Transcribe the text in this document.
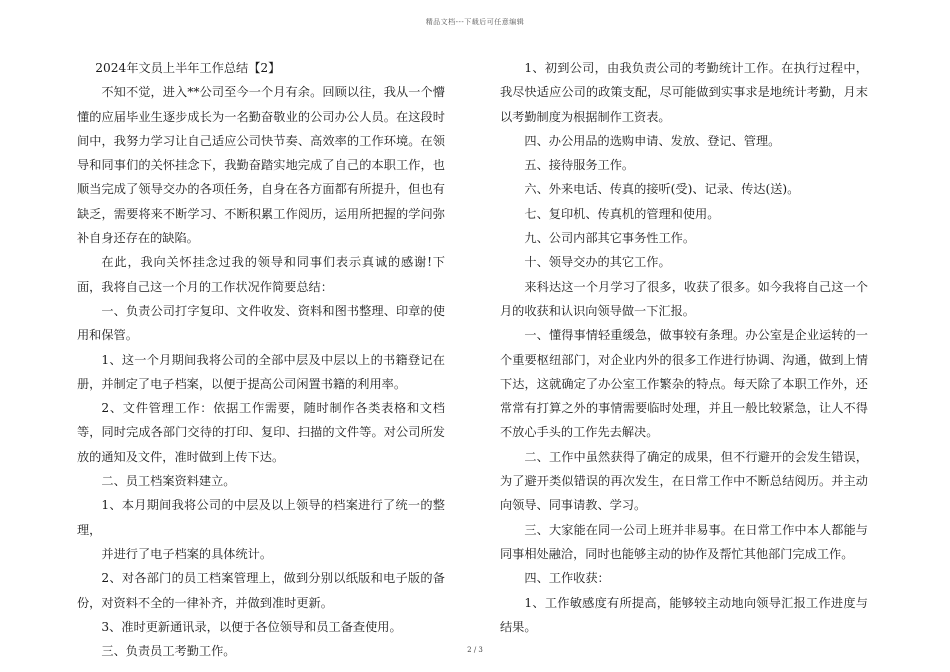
精品文档---下载后可任意编辑

2024年文员上半年工作总结【2】

不知不觉，进入**公司至今一个月有余。回顾以往，我从一个懵懂的应届毕业生逐步成长为一名勤奋敬业的公司办公人员。在这段时间中，我努力学习让自己适应公司快节奏、高效率的工作环境。在领导和同事们的关怀挂念下，我勤奋踏实地完成了自己的本职工作，也顺当完成了领导交办的各项任务，自身在各方面都有所提升，但也有缺乏，需要将来不断学习、不断积累工作阅历，运用所把握的学问弥补自身还存在的缺陷。

在此，我向关怀挂念过我的领导和同事们表示真诚的感谢!下面，我将自己这一个月的工作状况作简要总结：

一、负责公司打字复印、文件收发、资料和图书整理、印章的使用和保管。

1、这一个月期间我将公司的全部中层及中层以上的书籍登记在册，并制定了电子档案，以便于提高公司闲置书籍的利用率。

2、文件管理工作：依据工作需要，随时制作各类表格和文档等，同时完成各部门交待的打印、复印、扫描的文件等。对公司所发放的通知及文件，准时做到上传下达。

二、员工档案资料建立。

1、本月期间我将公司的中层及以上领导的档案进行了统一的整理，

并进行了电子档案的具体统计。

2、对各部门的员工档案管理上，做到分别以纸版和电子版的备份，对资料不全的一律补齐，并做到准时更新。

3、准时更新通讯录，以便于各位领导和员工备查使用。

三、负责员工考勤工作。

1、初到公司，由我负责公司的考勤统计工作。在执行过程中，我尽快适应公司的政策支配，尽可能做到实事求是地统计考勤，月末以考勤制度为根据制作工资表。

四、办公用品的选购申请、发放、登记、管理。

五、接待服务工作。

六、外来电话、传真的接听(受)、记录、传达(送)。

七、复印机、传真机的管理和使用。

九、公司内部其它事务性工作。

十、领导交办的其它工作。

来科达这一个月学习了很多，收获了很多。如今我将自己这一个月的收获和认识向领导做一下汇报。

一、懂得事情轻重缓急，做事较有条理。办公室是企业运转的一个重要枢纽部门，对企业内外的很多工作进行协调、沟通，做到上情下达，这就确定了办公室工作繁杂的特点。每天除了本职工作外，还常常有打算之外的事情需要临时处理，并且一般比较紧急，让人不得不放心手头的工作先去解决。

二、工作中虽然获得了确定的成果，但不行避开的会发生错误，为了避开类似错误的再次发生，在日常工作中不断总结阅历。并主动向领导、同事请教、学习。

三、大家能在同一公司上班并非易事。在日常工作中本人都能与同事相处融洽，同时也能够主动的协作及帮忙其他部门完成工作。

四、工作收获：

1、工作敏感度有所提高，能够较主动地向领导汇报工作进度与结果。

2 / 3
